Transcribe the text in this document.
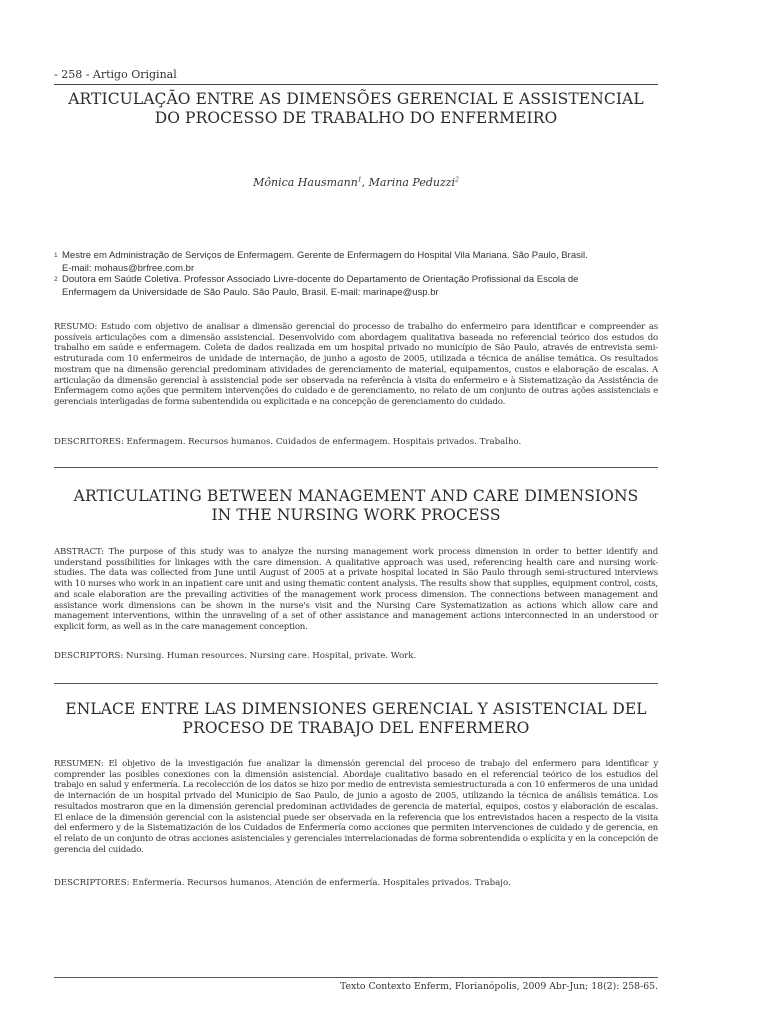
- 258 - Artigo Original
ARTICULAÇÃO ENTRE AS DIMENSÕES GERENCIAL E ASSISTENCIAL
DO PROCESSO DE TRABALHO DO ENFERMEIRO
Mônica Hausmann$^1$, Marina Peduzzi$^2$
1 Mestre em Administração de Serviços de Enfermagem. Gerente de Enfermagem do Hospital Vila Mariana. São Paulo, Brasil.
E-mail: mohaus@brfree.com.br
2 Doutora em Saúde Coletiva. Professor Associado Livre-docente do Departamento de Orientação Profissional da Escola de
Enfermagem da Universidade de São Paulo. São Paulo, Brasil. E-mail: marinape@usp.br
RESUMO: Estudo com objetivo de analisar a dimensão gerencial do processo de trabalho do enfermeiro para identificar e compreender as possíveis articulações com a dimensão assistencial. Desenvolvido com abordagem qualitativa baseada no referencial teórico dos estudos do trabalho em saúde e enfermagem. Coleta de dados realizada em um hospital privado no município de São Paulo, através de entrevista semi-estruturada com 10 enfermeiros de unidade de internação, de junho a agosto de 2005, utilizada a técnica de análise temática. Os resultados mostram que na dimensão gerencial predominam atividades de gerenciamento de material, equipamentos, custos e elaboração de escalas. A articulação da dimensão gerencial à assistencial pode ser observada na referência à visita do enfermeiro e à Sistematização da Assistência de Enfermagem como ações que permitem intervenções do cuidado e de gerenciamento, no relato de um conjunto de outras ações assistenciais e gerenciais interligadas de forma subentendida ou explicitada e na concepção de gerenciamento do cuidado.
DESCRITORES: Enfermagem. Recursos humanos. Cuidados de enfermagem. Hospitais privados. Trabalho.
ARTICULATING BETWEEN MANAGEMENT AND CARE DIMENSIONS
IN THE NURSING WORK PROCESS
ABSTRACT: The purpose of this study was to analyze the nursing management work process dimension in order to better identify and understand possibilities for linkages with the care dimension. A qualitative approach was used, referencing health care and nursing work-studies. The data was collected from June until August of 2005 at a private hospital located in São Paulo through semi-structured interviews with 10 nurses who work in an inpatient care unit and using thematic content analysis. The results show that supplies, equipment control, costs, and scale elaboration are the prevailing activities of the management work process dimension. The connections between management and assistance work dimensions can be shown in the nurse's visit and the Nursing Care Systematization as actions which allow care and management interventions, within the unraveling of a set of other assistance and management actions interconnected in an understood or explicit form, as well as in the care management conception.
DESCRIPTORS: Nursing. Human resources. Nursing care. Hospital, private. Work.
ENLACE ENTRE LAS DIMENSIONES GERENCIAL Y ASISTENCIAL DEL
PROCESO DE TRABAJO DEL ENFERMERO
RESUMEN: El objetivo de la investigación fue analizar la dimensión gerencial del proceso de trabajo del enfermero para identificar y comprender las posibles conexiones con la dimensión asistencial. Abordaje cualitativo basado en el referencial teórico de los estudios del trabajo en salud y enfermería. La recolección de los datos se hizo por medio de entrevista semiestructurada a con 10 enfermeros de una unidad de internación de un hospital privado del Municipio de Sao Paulo, de junio a agosto de 2005, utilizando la técnica de análisis temática. Los resultados mostraron que en la dimensión gerencial predominan actividades de gerencia de material, equipos, costos y elaboración de escalas. El enlace de la dimensión gerencial con la asistencial puede ser observada en la referencia que los entrevistados hacen a respecto de la visita del enfermero y de la Sistematización de los Cuidados de Enfermería como acciones que permiten intervenciones de cuidado y de gerencia, en el relato de un conjunto de otras acciones asistenciales y gerenciales interrelacionadas de forma sobrentendida o explícita y en la concepción de gerencia del cuidado.
DESCRIPTORES: Enfermería. Recursos humanos. Atención de enfermería. Hospitales privados. Trabajo.
Texto Contexto Enferm, Florianópolis, 2009 Abr-Jun; 18(2): 258-65.
